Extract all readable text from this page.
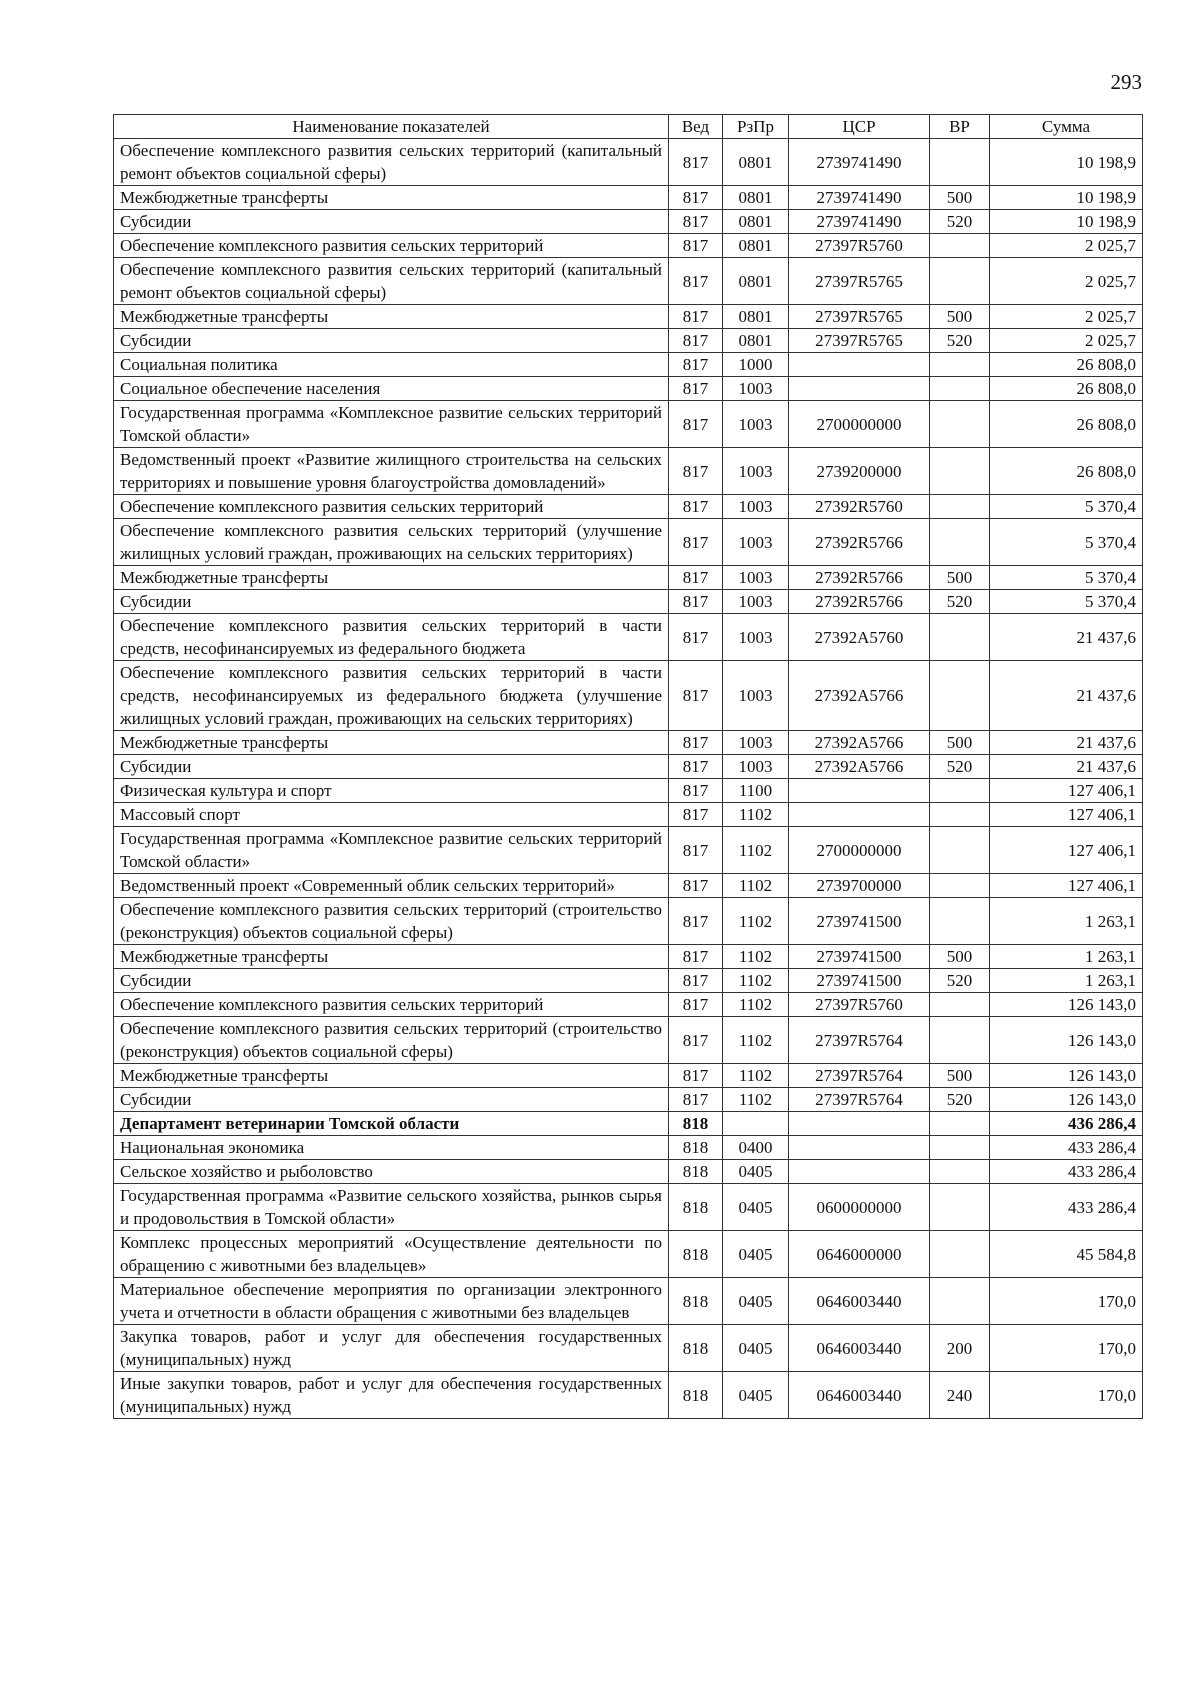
293
Наименование показателей	Вед	РзПр	ЦСР	ВР	Сумма
Обеспечение комплексного развития сельских территорий (капитальный ремонт объектов социальной сферы)	817	0801	2739741490		10 198,9
Межбюджетные трансферты	817	0801	2739741490	500	10 198,9
Субсидии	817	0801	2739741490	520	10 198,9
Обеспечение комплексного развития сельских территорий	817	0801	27397R5760		2 025,7
Обеспечение комплексного развития сельских территорий (капитальный ремонт объектов социальной сферы)	817	0801	27397R5765		2 025,7
Межбюджетные трансферты	817	0801	27397R5765	500	2 025,7
Субсидии	817	0801	27397R5765	520	2 025,7
Социальная политика	817	1000			26 808,0
Социальное обеспечение населения	817	1003			26 808,0
Государственная программа «Комплексное развитие сельских территорий Томской области»	817	1003	2700000000		26 808,0
Ведомственный проект «Развитие жилищного строительства на сельских территориях и повышение уровня благоустройства домовладений»	817	1003	2739200000		26 808,0
Обеспечение комплексного развития сельских территорий	817	1003	27392R5760		5 370,4
Обеспечение комплексного развития сельских территорий (улучшение жилищных условий граждан, проживающих на сельских территориях)	817	1003	27392R5766		5 370,4
Межбюджетные трансферты	817	1003	27392R5766	500	5 370,4
Субсидии	817	1003	27392R5766	520	5 370,4
Обеспечение комплексного развития сельских территорий в части средств, несофинансируемых из федерального бюджета	817	1003	27392A5760		21 437,6
Обеспечение комплексного развития сельских территорий в части средств, несофинансируемых из федерального бюджета (улучшение жилищных условий граждан, проживающих на сельских территориях)	817	1003	27392A5766		21 437,6
Межбюджетные трансферты	817	1003	27392A5766	500	21 437,6
Субсидии	817	1003	27392A5766	520	21 437,6
Физическая культура и спорт	817	1100			127 406,1
Массовый спорт	817	1102			127 406,1
Государственная программа «Комплексное развитие сельских территорий Томской области»	817	1102	2700000000		127 406,1
Ведомственный проект «Современный облик сельских территорий»	817	1102	2739700000		127 406,1
Обеспечение комплексного развития сельских территорий (строительство (реконструкция) объектов социальной сферы)	817	1102	2739741500		1 263,1
Межбюджетные трансферты	817	1102	2739741500	500	1 263,1
Субсидии	817	1102	2739741500	520	1 263,1
Обеспечение комплексного развития сельских территорий	817	1102	27397R5760		126 143,0
Обеспечение комплексного развития сельских территорий (строительство (реконструкция) объектов социальной сферы)	817	1102	27397R5764		126 143,0
Межбюджетные трансферты	817	1102	27397R5764	500	126 143,0
Субсидии	817	1102	27397R5764	520	126 143,0
Департамент ветеринарии Томской области	818				436 286,4
Национальная экономика	818	0400			433 286,4
Сельское хозяйство и рыболовство	818	0405			433 286,4
Государственная программа «Развитие сельского хозяйства, рынков сырья и продовольствия в Томской области»	818	0405	0600000000		433 286,4
Комплекс процессных мероприятий «Осуществление деятельности по обращению с животными без владельцев»	818	0405	0646000000		45 584,8
Материальное обеспечение мероприятия по организации электронного учета и отчетности в области обращения с животными без владельцев	818	0405	0646003440		170,0
Закупка товаров, работ и услуг для обеспечения государственных (муниципальных) нужд	818	0405	0646003440	200	170,0
Иные закупки товаров, работ и услуг для обеспечения государственных (муниципальных) нужд	818	0405	0646003440	240	170,0
